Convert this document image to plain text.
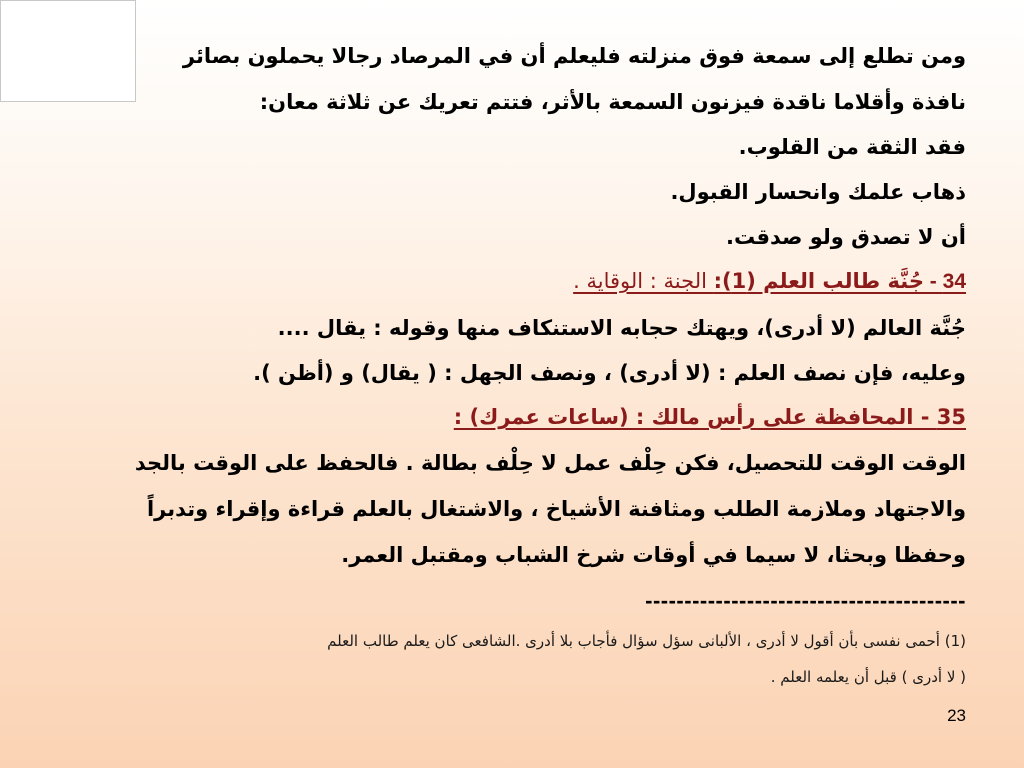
ومن تطلع إلى سمعة فوق منزلته فليعلم أن في المرصاد رجالا يحملون بصائر
نافذة وأقلاما ناقدة فيزنون السمعة بالأثر، فتتم تعريك عن ثلاثة معان:
فقد الثقة من القلوب.
ذهاب علمك وانحسار القبول.
أن لا تصدق ولو صدقت.
34 - جُنَّة طالب العلم (1): الجنة : الوقاية .
جُنَّة العالم (لا أدرى)، ويهتك حجابه الاستنكاف منها وقوله : يقال ....
وعليه، فإن نصف العلم : (لا أدرى) ، ونصف الجهل : ( يقال) و (أظن ).
35 - المحافظة على رأس مالك : (ساعات عمرك) :
الوقت الوقت للتحصيل، فكن حِلْف عمل لا حِلْف بطالة . فالحفظ على الوقت بالجد
والاجتهاد وملازمة الطلب ومثافنة الأشياخ ، والاشتغال بالعلم قراءة وإقراء وتدبراً
وحفظا وبحثا، لا سيما في أوقات شرخ الشباب ومقتبل العمر.
-----------------------------------------
(1) أحمى نفسى بأن أقول لا أدرى ، الألبانى سؤل سؤال فأجاب بلا أدرى .الشافعى كان يعلم طالب العلم
( لا أدرى ) قبل أن يعلمه العلم .
23
